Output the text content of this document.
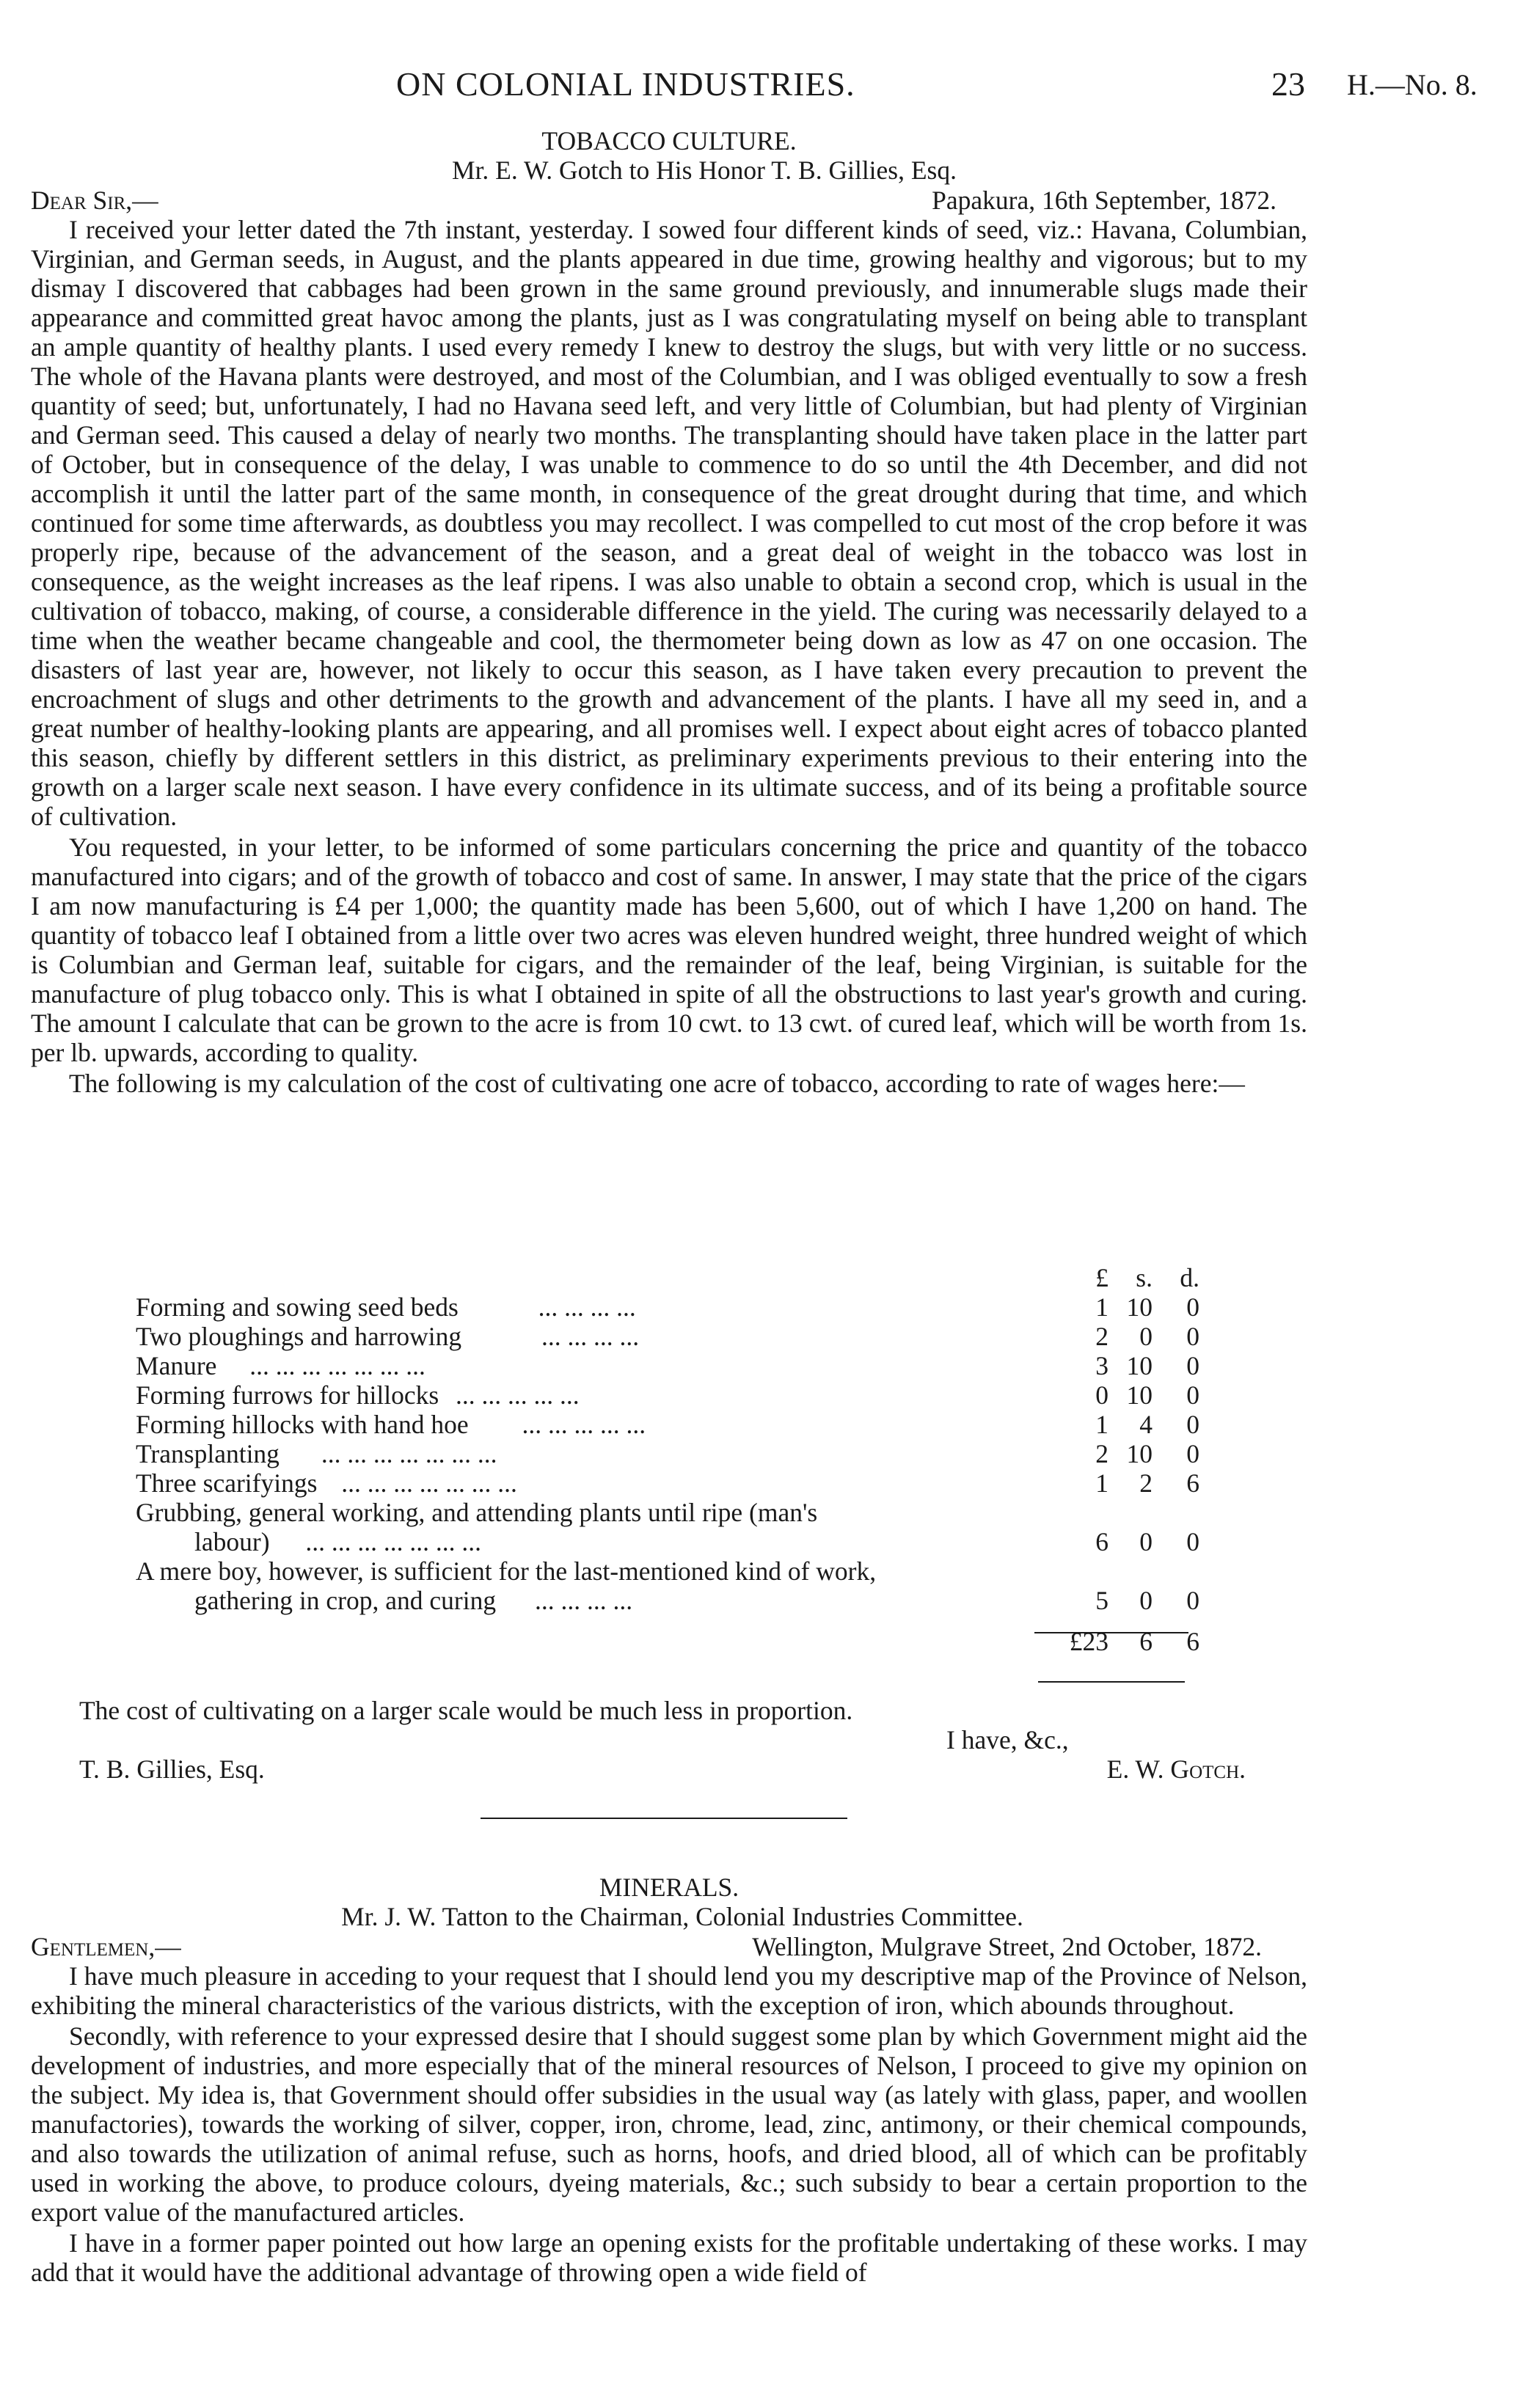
ON COLONIAL INDUSTRIES.	23 H.—No. 8.
TOBACCO CULTURE.
Mr. E. W. Gotch to His Honor T. B. Gillies, Esq.
Dear Sir,—	Papakura, 16th September, 1872.

I received your letter dated the 7th instant, yesterday. I sowed four different kinds of seed, viz.: Havana, Columbian, Virginian, and German seeds, in August, and the plants appeared in due time, growing healthy and vigorous; but to my dismay I discovered that cabbages had been grown in the same ground previously, and innumerable slugs made their appearance and committed great havoc among the plants, just as I was congratulating myself on being able to transplant an ample quantity of healthy plants. I used every remedy I knew to destroy the slugs, but with very little or no success. The whole of the Havana plants were destroyed, and most of the Columbian, and I was obliged eventually to sow a fresh quantity of seed; but, unfortunately, I had no Havana seed left, and very little of Columbian, but had plenty of Virginian and German seed. This caused a delay of nearly two months. The transplanting should have taken place in the latter part of October, but in consequence of the delay, I was unable to commence to do so until the 4th December, and did not accomplish it until the latter part of the same month, in consequence of the great drought during that time, and which continued for some time afterwards, as doubtless you may recollect. I was compelled to cut most of the crop before it was properly ripe, because of the advancement of the season, and a great deal of weight in the tobacco was lost in consequence, as the weight increases as the leaf ripens. I was also unable to obtain a second crop, which is usual in the cultivation of tobacco, making, of course, a considerable difference in the yield. The curing was necessarily delayed to a time when the weather became changeable and cool, the thermometer being down as low as 47 on one occasion. The disasters of last year are, however, not likely to occur this season, as I have taken every precaution to prevent the encroachment of slugs and other detriments to the growth and advancement of the plants. I have all my seed in, and a great number of healthy-looking plants are appearing, and all promises well. I expect about eight acres of tobacco planted this season, chiefly by different settlers in this district, as preliminary experiments previous to their entering into the growth on a larger scale next season. I have every confidence in its ultimate success, and of its being a profitable source of cultivation.

You requested, in your letter, to be informed of some particulars concerning the price and quantity of the tobacco manufactured into cigars; and of the growth of tobacco and cost of same. In answer, I may state that the price of the cigars I am now manufacturing is £4 per 1,000; the quantity made has been 5,600, out of which I have 1,200 on hand. The quantity of tobacco leaf I obtained from a little over two acres was eleven hundred weight, three hundred weight of which is Columbian and German leaf, suitable for cigars, and the remainder of the leaf, being Virginian, is suitable for the manufacture of plug tobacco only. This is what I obtained in spite of all the obstructions to last year's growth and curing. The amount I calculate that can be grown to the acre is from 10 cwt. to 13 cwt. of cured leaf, which will be worth from 1s. per lb. upwards, according to quality.

The following is my calculation of the cost of cultivating one acre of tobacco, according to rate of wages here:—

	£	s.	d.
Forming and sowing seed beds ... ... ... ...	1	10	0
Two ploughings and harrowing ... ... ... ...	2	0	0
Manure ... ... ... ... ... ... ...	3	10	0
Forming furrows for hillocks ... ... ... ... ...	0	10	0
Forming hillocks with hand hoe ... ... ... ... ...	1	4	0
Transplanting ... ... ... ... ... ... ...	2	10	0
Three scarifyings ... ... ... ... ... ... ...	1	2	6
Grubbing, general working, and attending plants until ripe (man's			
labour) ... ... ... ... ... ... ...	6	0	0
A mere boy, however, is sufficient for the last-mentioned kind of work,			
gathering in crop, and curing ... ... ... ...	5	0	0
	£23	6	6
The cost of cultivating on a larger scale would be much less in proportion.
I have, &c.,
T. B. Gillies, Esq.	E. W. Gotch.
MINERALS.
Mr. J. W. Tatton to the Chairman, Colonial Industries Committee.
Gentlemen,—	Wellington, Mulgrave Street, 2nd October, 1872.

I have much pleasure in acceding to your request that I should lend you my descriptive map of the Province of Nelson, exhibiting the mineral characteristics of the various districts, with the exception of iron, which abounds throughout.

Secondly, with reference to your expressed desire that I should suggest some plan by which Government might aid the development of industries, and more especially that of the mineral resources of Nelson, I proceed to give my opinion on the subject. My idea is, that Government should offer subsidies in the usual way (as lately with glass, paper, and woollen manufactories), towards the working of silver, copper, iron, chrome, lead, zinc, antimony, or their chemical compounds, and also towards the utilization of animal refuse, such as horns, hoofs, and dried blood, all of which can be profitably used in working the above, to produce colours, dyeing materials, &c.; such subsidy to bear a certain proportion to the export value of the manufactured articles.

I have in a former paper pointed out how large an opening exists for the profitable undertaking of these works. I may add that it would have the additional advantage of throwing open a wide field of
